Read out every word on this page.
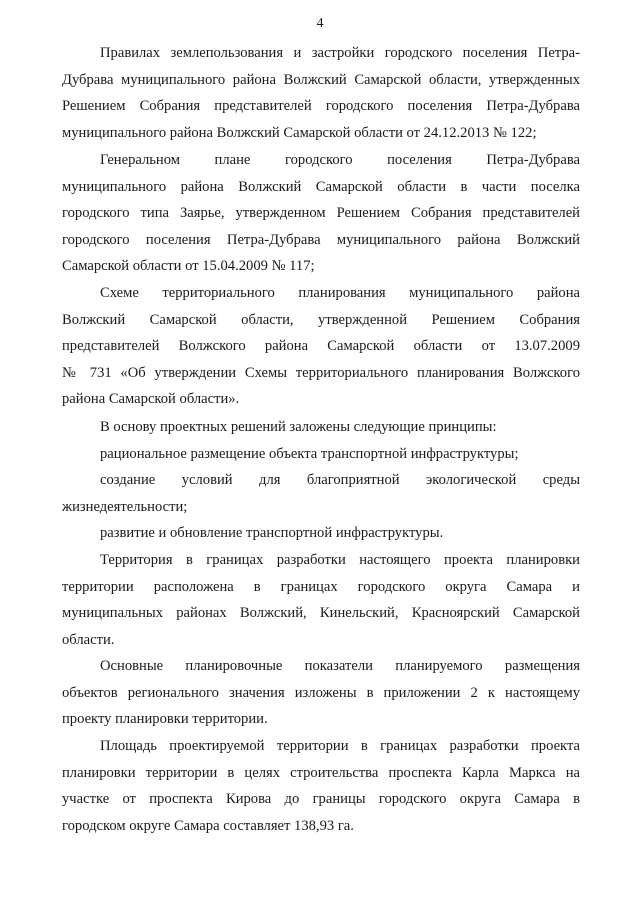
4

Правилах землепользования и застройки городского поселения Петра-
Дубрава муниципального района Волжский Самарской области, утвержденных
Решением Собрания представителей городского поселения Петра-Дубрава
муниципального района Волжский Самарской области от 24.12.2013 № 122;

Генеральном плане городского поселения Петра-Дубрава
муниципального района Волжский Самарской области в части поселка
городского типа Заярье, утвержденном Решением Собрания представителей
городского поселения Петра-Дубрава муниципального района Волжский
Самарской области от 15.04.2009 № 117;

Схеме территориального планирования муниципального района
Волжский Самарской области, утвержденной Решением Собрания
представителей Волжского района Самарской области от 13.07.2009
№ 731 «Об утверждении Схемы территориального планирования Волжского
района Самарской области».

В основу проектных решений заложены следующие принципы:

рациональное размещение объекта транспортной инфраструктуры;

создание условий для благоприятной экологической среды
жизнедеятельности;

развитие и обновление транспортной инфраструктуры.

Территория в границах разработки настоящего проекта планировки
территории расположена в границах городского округа Самара и
муниципальных районах Волжский, Кинельский, Красноярский Самарской
области.

Основные планировочные показатели планируемого размещения
объектов регионального значения изложены в приложении 2 к настоящему
проекту планировки территории.

Площадь проектируемой территории в границах разработки проекта
планировки территории в целях строительства проспекта Карла Маркса на
участке от проспекта Кирова до границы городского округа Самара в
городском округе Самара составляет 138,93 га.
